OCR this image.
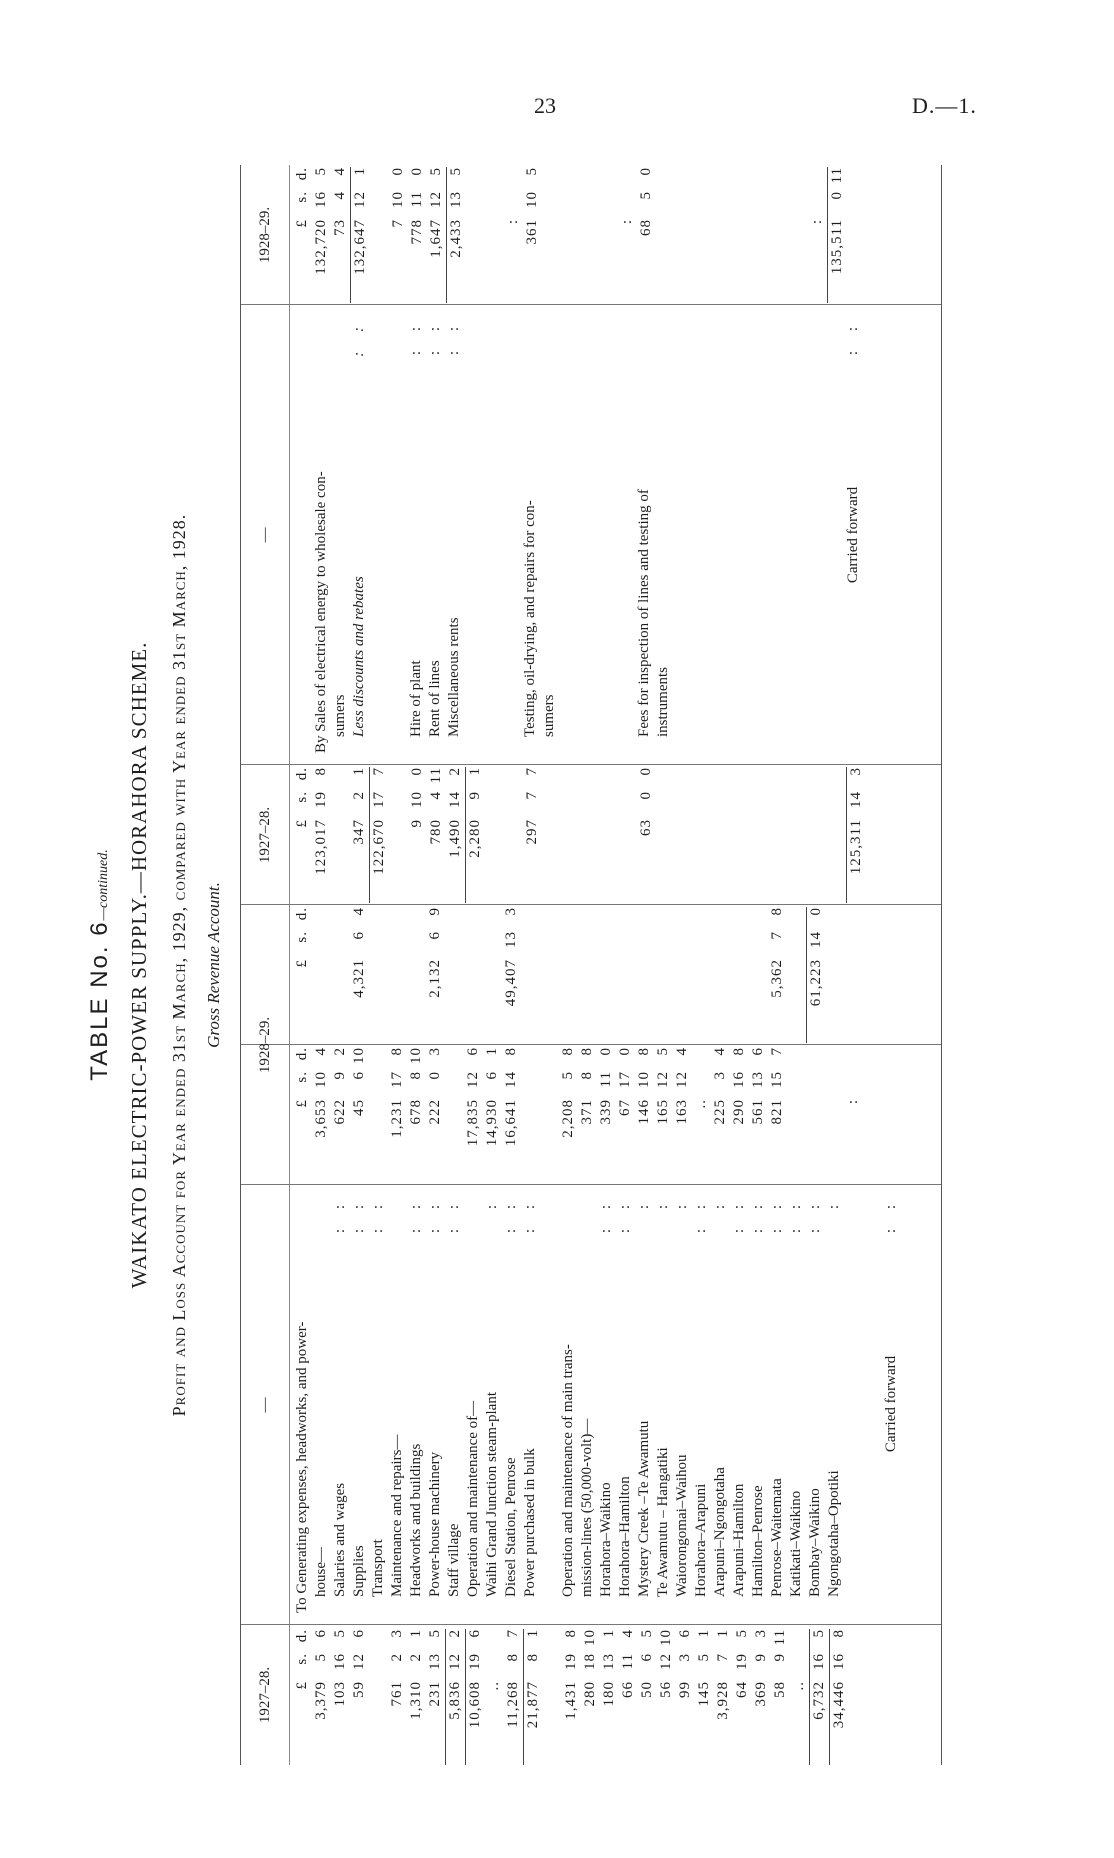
23	D.—1.
TABLE No. 6—continued. WAIKATO ELECTRIC-POWER SUPPLY.—HORAHORA SCHEME. Profit and Loss Account for Year ended 31st March, 1929, compared with Year ended 31st March, 1928. Gross Revenue Account.
1927–28.
—
1928–29.
1927–28.
—
1928–29.
£
s.
d.
3,379
5
6
103
16
5
59
12
6
761
2
3
1,310
2
1
231
13
5
5,836
12
2
10,608
19
6
.. 11,268
8
7
21,877
8
1
1,431
19
8
280
18
10
180
13
1
66
11
4
50
6
5
56
12
10
99
3
6
145
5
1
3,928
7
1
64
19
5
369
9
3
58
9
11
.. 6,732
16
5
34,446
16
8
To Generating expenses, headworks, and power- house— Salaries and wages
: :
Supplies
: :
Transport
: :
Maintenance and repairs— Headworks and buildings
: :
Power-house machinery
: :
Staff village
: :
Operation and maintenance of— Waihi Grand Junction steam-plant
:
Diesel Station, Penrose
: :
Power purchased in bulk
: :
Operation and maintenance of main trans- mission-lines (50,000-volt)— Horahora–Waikino
: :
Horahora–Hamilton
: :
Mystery Creek –Te Awamutu
:
Te Awamutu – Hangatiki
:
Waiorongomai–Waihou
:
Horahora–Arapuni
: :
Arapuni–Ngongotaha
:
Arapuni–Hamilton
: :
Hamilton–Penrose
: :
Penrose–Waitemata
: :
Katikati–Waikino
: :
Bombay–Waikino
: :
Ngongotaha–Opotiki
:
Carried forward
: :
£
s.
d.
3,653
10
4
622
9
2
45
6
10
1,231
17
8
678
8
10
222
0
3
17,835
12
6
14,930
6
1
16,641
14
8
2,208
5
8
371
8
8
339
11
0
67
17
0
146
10
8
165
12
5
163
12
4
.. 225
3
4
290
16
8
561
13
6
821
15
7
:
£
s.
d.
4,321
6
4
2,132
6
9
49,407
13
3
5,362
7
8
61,223
14
0
£
s.
d.
123,017
19
8
347
2
1
122,670
17
7
9
10
0
780
4
11
1,490
14
2
2,280
9
1
297
7
7
63
0
0
125,311
14
3
By Sales of electrical energy to wholesale con- sumers Less discounts and rebates
: :
Hire of plant
: :
Rent of lines
: :
Miscellaneous rents
: :
Testing, oil-drying, and repairs for con- sumers	Fees for inspection of lines and testing of instruments
Carried forward
: :
£
s.
d.
132,720
16
5
73
4
4
132,647
12
1
7
10
0
778
11
0
1,647
12
5
2,433
13
5
: 361
10
5
: 68
5
0
: 135,511
0
11
